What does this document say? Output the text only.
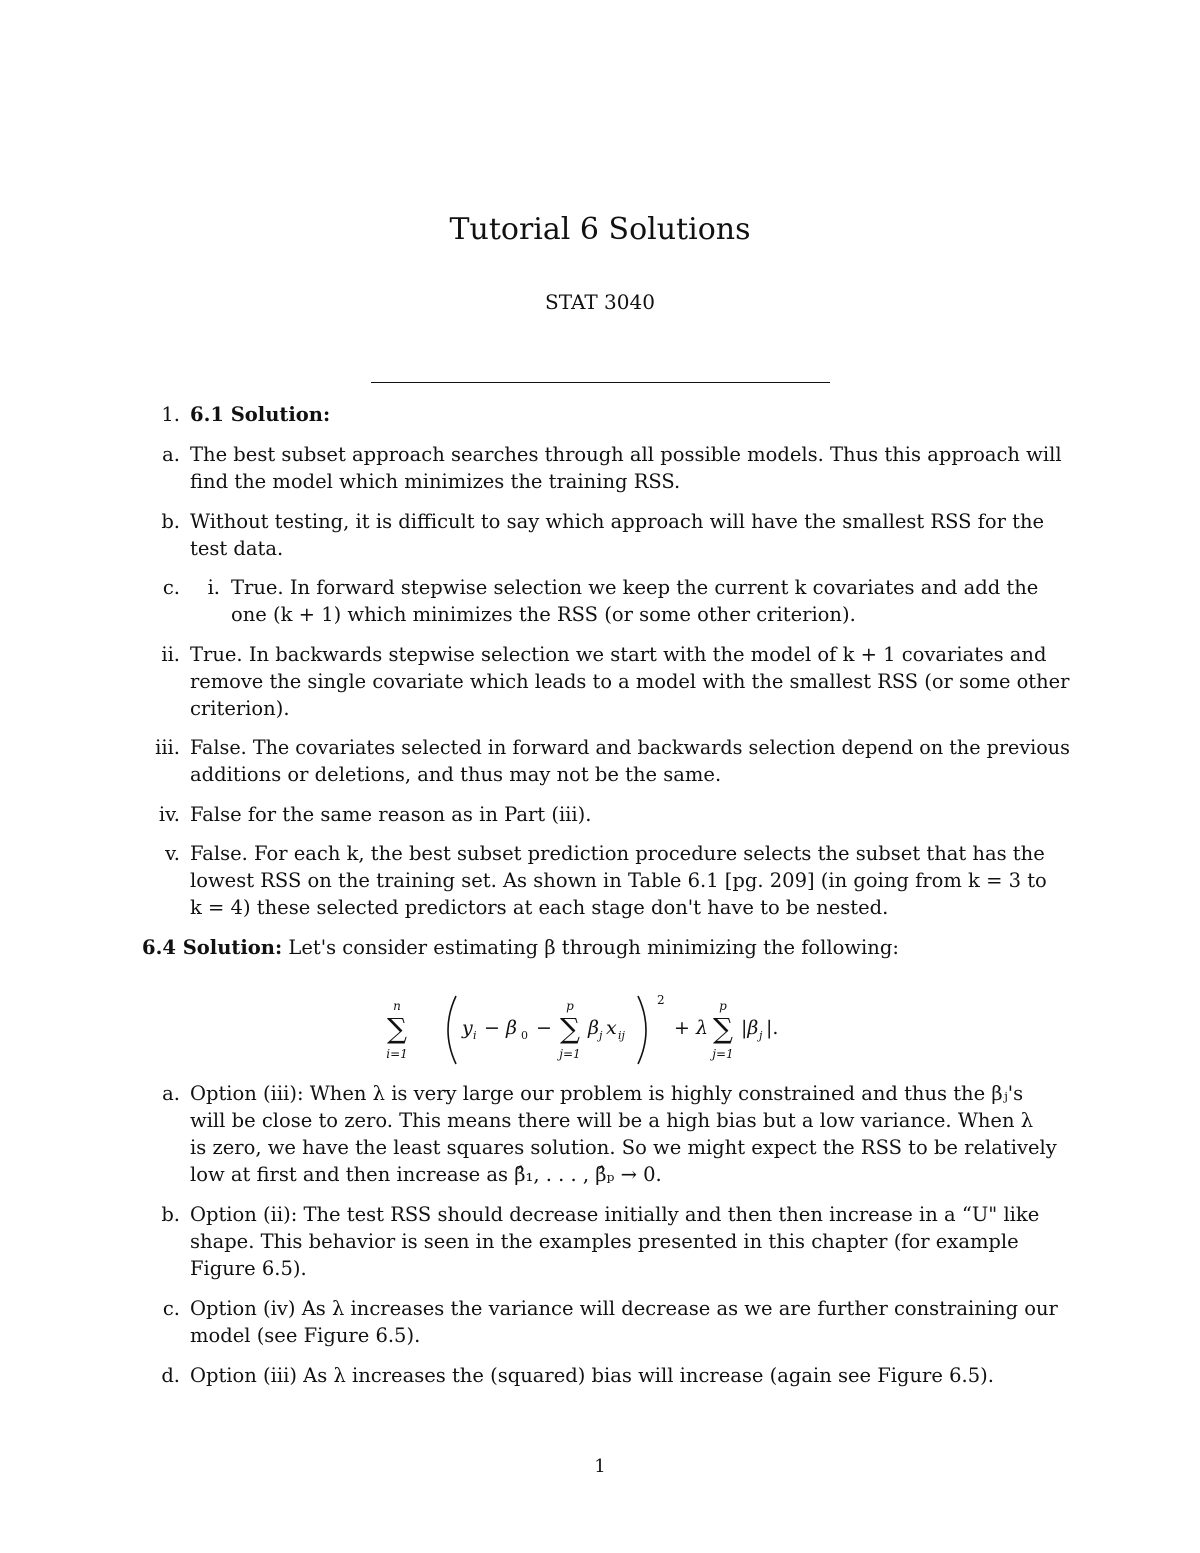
Tutorial 6 Solutions
STAT 3040
1. 6.1 Solution:
a. The best subset approach searches through all possible models. Thus this approach will
find the model which minimizes the training RSS.
b. Without testing, it is difficult to say which approach will have the smallest RSS for the
test data.
c.	i. True. In forward stepwise selection we keep the current k covariates and add the
one (k + 1) which minimizes the RSS (or some other criterion).
ii. True. In backwards stepwise selection we start with the model of k + 1 covariates and
remove the single covariate which leads to a model with the smallest RSS (or some other
criterion).
iii. False. The covariates selected in forward and backwards selection depend on the previous
additions or deletions, and thus may not be the same.
iv. False for the same reason as in Part (iii).
v. False. For each k, the best subset prediction procedure selects the subset that has the
lowest RSS on the training set. As shown in Table 6.1 [pg. 209] (in going from k = 3 to
k = 4) these selected predictors at each stage don't have to be nested.
6.4 Solution: Let's consider estimating β through minimizing the following:
n
∑
i=1
y i − β 0 −
p
∑
j=1
β j x ij
2
+ λ
p
∑
j=1
|β j |.
a. Option (iii): When λ is very large our problem is highly constrained and thus the βⱼ's
will be close to zero. This means there will be a high bias but a low variance. When λ
is zero, we have the least squares solution. So we might expect the RSS to be relatively
low at first and then increase as β̂₁, . . . , β̂ₚ → 0.
b. Option (ii): The test RSS should decrease initially and then then increase in a “U" like
shape. This behavior is seen in the examples presented in this chapter (for example
Figure 6.5).
c. Option (iv) As λ increases the variance will decrease as we are further constraining our
model (see Figure 6.5).
d. Option (iii) As λ increases the (squared) bias will increase (again see Figure 6.5).
1
